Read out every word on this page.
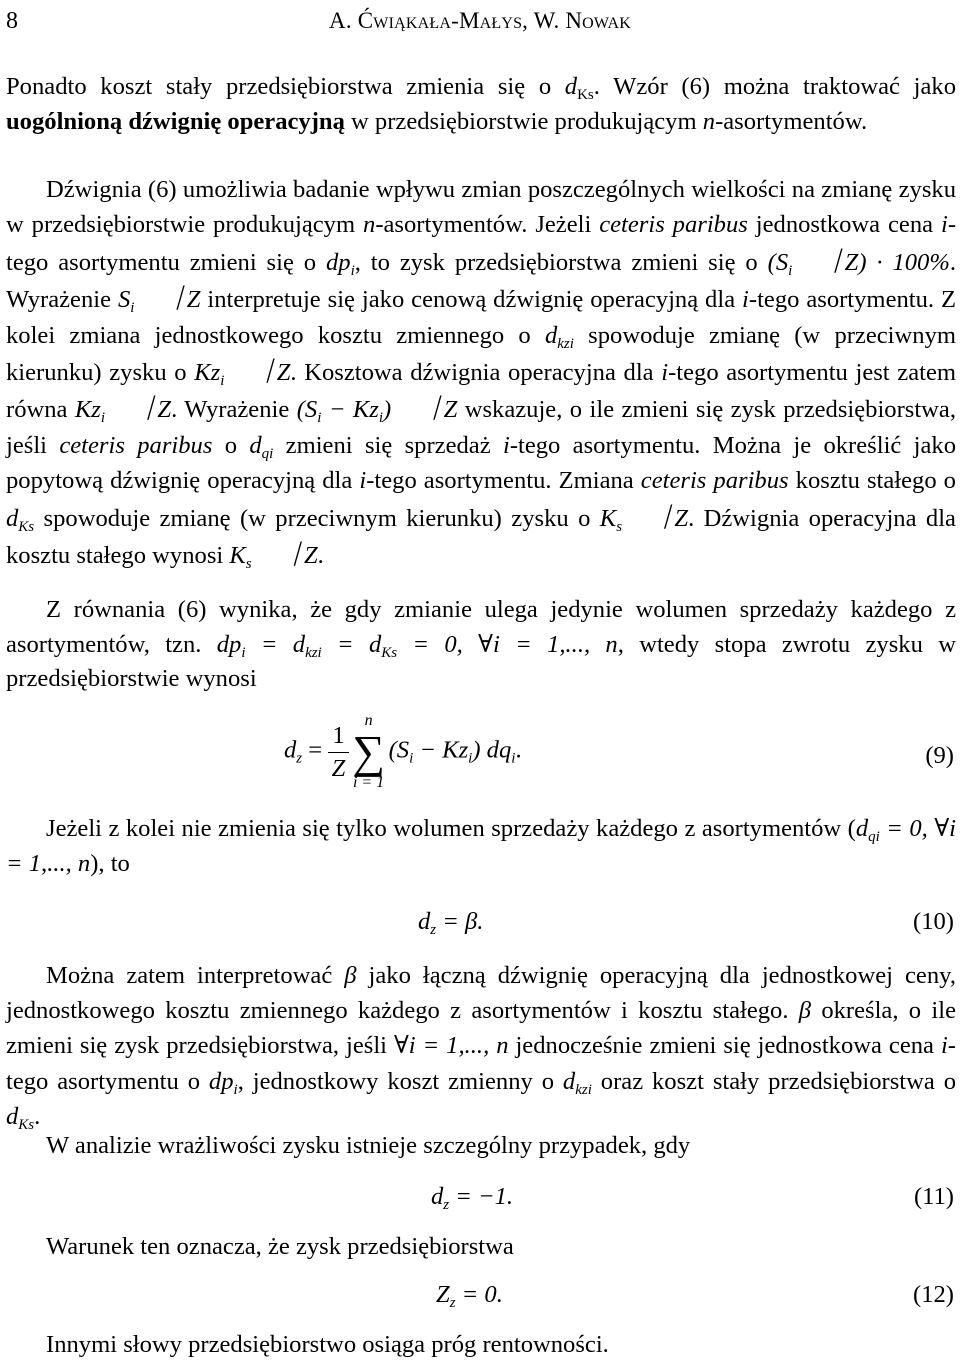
8	A. Ćwiąkała-Małys, W. Nowak
Ponadto koszt stały przedsiębiorstwa zmienia się o $d_{Ks}$. Wzór (6) można traktować jako uogólnioną dźwignię operacyjną w przedsiębiorstwie produkującym n-asortymentów.
Dźwignia (6) umożliwia badanie wpływu zmian poszczególnych wielkości na zmianę zysku w przedsiębiorstwie produkującym n-asortymentów. Jeżeli ceteris paribus jednostkowa cena i-tego asortymentu zmieni się o $dp_i$, to zysk przedsiębiorstwa zmieni się o ($S_i$ /Z) · 100%. Wyrażenie $S_i$ /Z interpretuje się jako cenową dźwignię operacyjną dla i-tego asortymentu. Z kolei zmiana jednostkowego kosztu zmiennego o $d_{kzi}$ spowoduje zmianę (w przeciwnym kierunku) zysku o $Kz_i$ /Z. Kosztowa dźwignia operacyjna dla i-tego asortymentu jest zatem równa $Kz_i$ /Z. Wyrażenie $(S_i - Kz_i)$ /Z wskazuje, o ile zmieni się zysk przedsiębiorstwa, jeśli ceteris paribus o $d_{qi}$ zmieni się sprzedaż i-tego asortymentu. Można je określić jako popytową dźwignię operacyjną dla i-tego asortymentu. Zmiana ceteris paribus kosztu stałego o $d_{Ks}$ spowoduje zmianę (w przeciwnym kierunku) zysku o $K_s$ /Z. Dźwignia operacyjna dla kosztu stałego wynosi $K_s$ /Z.
Z równania (6) wynika, że gdy zmianie ulega jedynie wolumen sprzedaży każdego z asortymentów, tzn. $dp_i = d_{kzi} = d_{Ks} = 0$, ∀i = 1,..., n, wtedy stopa zwrotu zysku w przedsiębiorstwie wynosi
$d_z = \frac{1}{Z}$	n
∑
i = 1
$(S_i - Kz_i)$ $dq_i$.	(9)
Jeżeli z kolei nie zmienia się tylko wolumen sprzedaży każdego z asortymentów ($d_{qi} = 0$, ∀i = 1,..., n), to
$d_z = \beta$.	(10)
Można zatem interpretować β jako łączną dźwignię operacyjną dla jednostkowej ceny, jednostkowego kosztu zmiennego każdego z asortymentów i kosztu stałego. β określa, o ile zmieni się zysk przedsiębiorstwa, jeśli ∀i = 1,..., n jednocześnie zmieni się jednostkowa cena i-tego asortymentu o $dp_i$, jednostkowy koszt zmienny o $d_{kzi}$ oraz koszt stały przedsiębiorstwa o $d_{Ks}$.
W analizie wrażliwości zysku istnieje szczególny przypadek, gdy
$d_z = -1$.	(11)
Warunek ten oznacza, że zysk przedsiębiorstwa
$Z_z = 0$.	(12)
Innymi słowy przedsiębiorstwo osiąga próg rentowności.
